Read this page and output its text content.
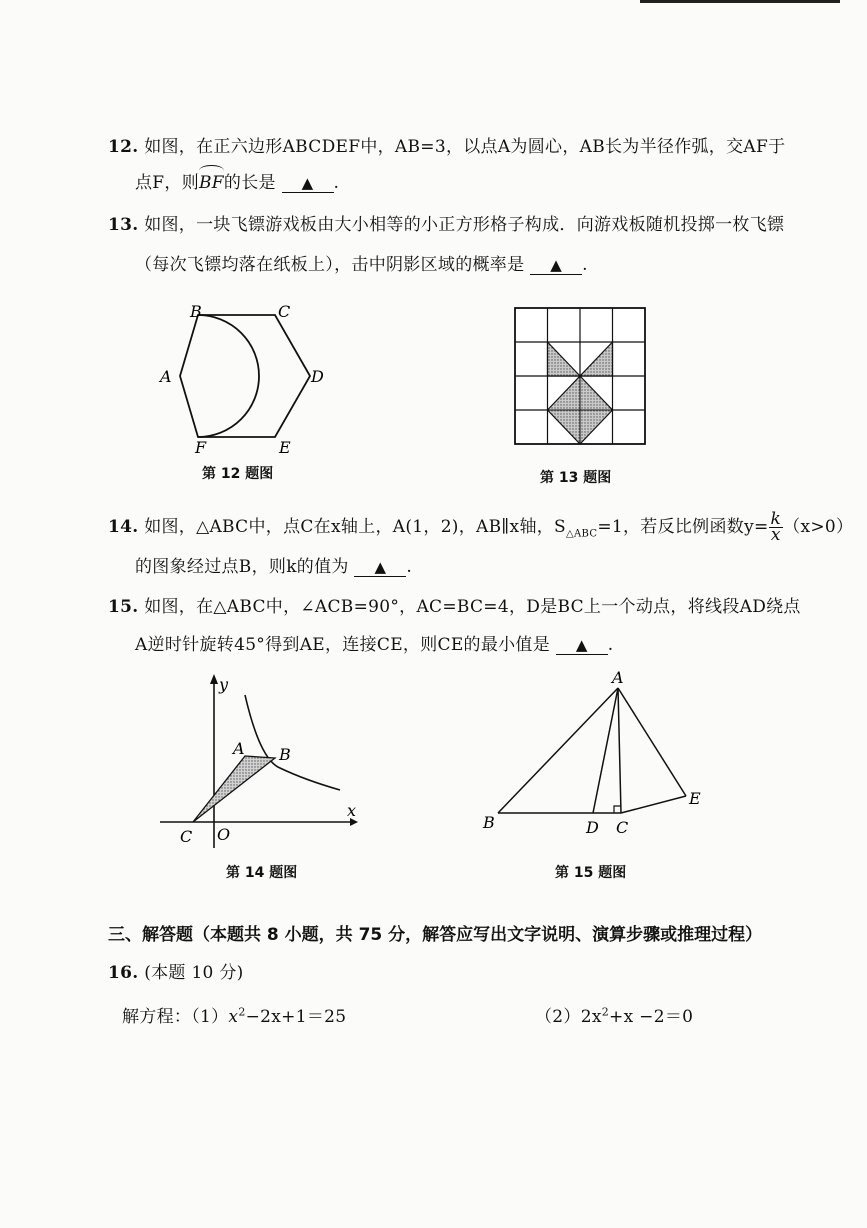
12. 如图，在正六边形ABCDEF中，AB=3，以点A为圆心，AB长为半径作弧，交AF于
点F，则BF的长是 ▲ .
13. 如图，一块飞镖游戏板由大小相等的小正方形格子构成．向游戏板随机投掷一枚飞镖
（每次飞镖均落在纸板上），击中阴影区域的概率是 ▲ .
B	C
A	D
F	E
第 12 题图	第 13 题图
14. 如图，△ABC中，点C在x轴上，A(1，2)，AB∥x轴，$S_{\triangle ABC}=1$，若反比例函数$y= \frac{k}{x} (x>0)$
的图象经过点B，则k的值为 ▲ .
15. 如图，在△ABC中，∠ACB=90°，AC=BC=4，D是BC上一个动点，将线段AD绕点
A逆时针旋转45°得到AE，连接CE，则CE的最小值是 ▲ .
y
A B
x
C O
第 14 题图
A
E
B	D C
第 15 题图
三、解答题（本题共 8 小题，共 75 分，解答应写出文字说明、演算步骤或推理过程）
16. (本题 10 分)
解方程：$(1)x^2-2x+1=25$	$(2)2x^2+x -2=0$
